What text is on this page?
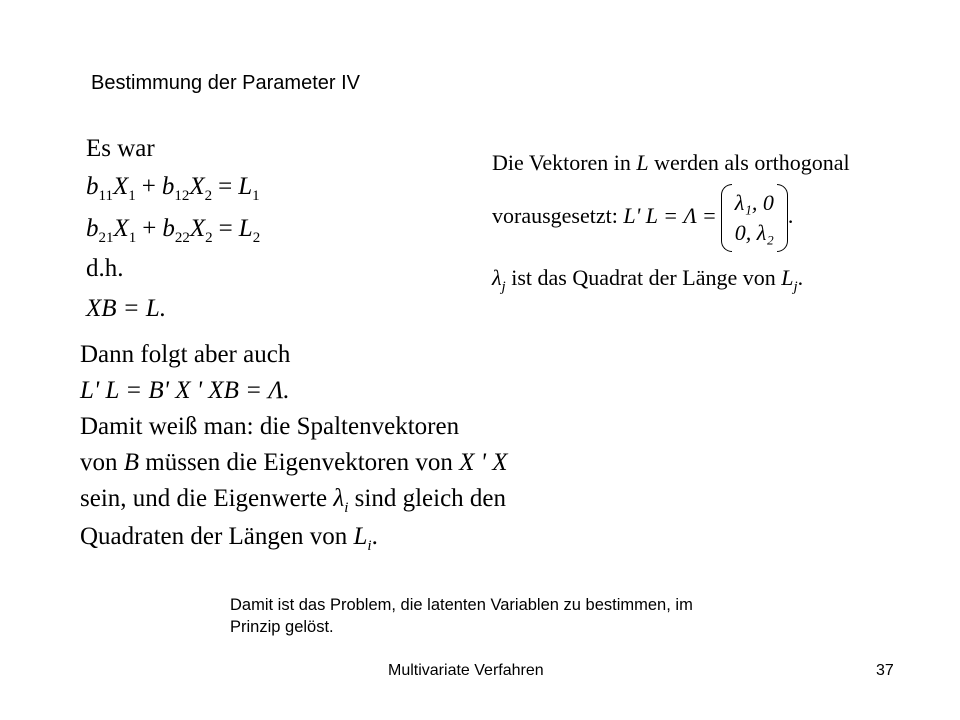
Bestimmung der Parameter IV
Es war
$b_{11}X_1 + b_{12}X_2 = L_1$
$b_{21}X_1 + b_{22}X_2 = L_2$
d.h.
XB = L.
Dann folgt aber auch
L' L = B' X ' XB = Λ.
Damit weiß man: die Spaltenvektoren
von B müssen die Eigenvektoren von X ' X
sein, und die Eigenwerte $\lambda_i$ sind gleich den
Quadraten der Längen von $L_i$.
Die Vektoren in L werden als orthogonal
vorausgesetzt: L' L = Λ =
λ₁, 0
0, λ₂
.
$\lambda_j$ ist das Quadrat der Länge von $L_j$.
Damit ist das Problem, die latenten Variablen zu bestimmen, im Prinzip gelöst.
Multivariate Verfahren	37
